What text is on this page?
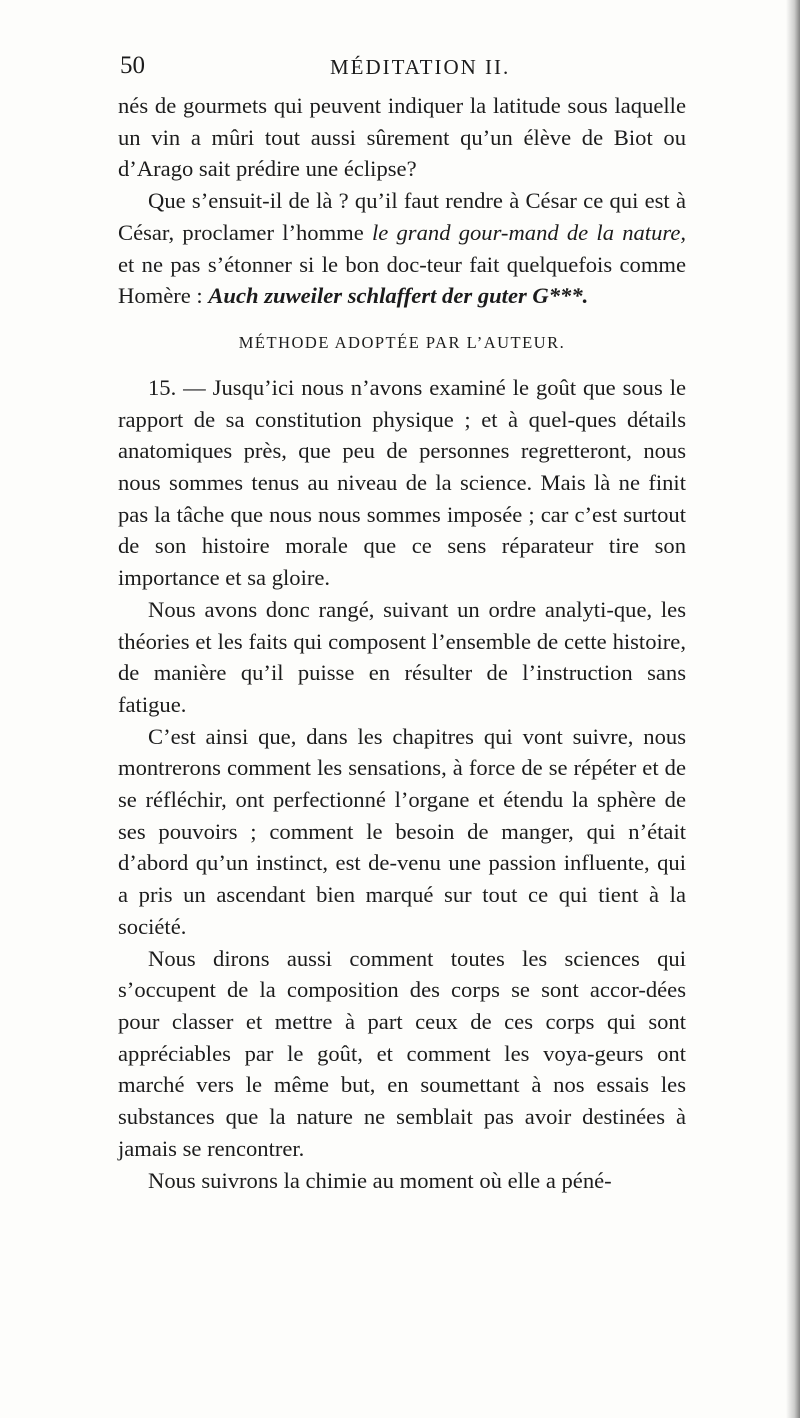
50	MÉDITATION II.

nés de gourmets qui peuvent indiquer la latitude sous laquelle un vin a mûri tout aussi sûrement qu’un élève de Biot ou d’Arago sait prédire une éclipse?

Que s’ensuit-il de là ? qu’il faut rendre à César ce qui est à César, proclamer l’homme le grand gour-mand de la nature, et ne pas s’étonner si le bon doc-teur fait quelquefois comme Homère : Auch zuweiler schlaffert der guter G***.

MÉTHODE ADOPTÉE PAR L’AUTEUR.

15. — Jusqu’ici nous n’avons examiné le goût que sous le rapport de sa constitution physique ; et à quel-ques détails anatomiques près, que peu de personnes regretteront, nous nous sommes tenus au niveau de la science. Mais là ne finit pas la tâche que nous nous sommes imposée ; car c’est surtout de son histoire morale que ce sens réparateur tire son importance et sa gloire.

Nous avons donc rangé, suivant un ordre analyti-que, les théories et les faits qui composent l’ensemble de cette histoire, de manière qu’il puisse en résulter de l’instruction sans fatigue.

C’est ainsi que, dans les chapitres qui vont suivre, nous montrerons comment les sensations, à force de se répéter et de se réfléchir, ont perfectionné l’organe et étendu la sphère de ses pouvoirs ; comment le besoin de manger, qui n’était d’abord qu’un instinct, est de-venu une passion influente, qui a pris un ascendant bien marqué sur tout ce qui tient à la société.

Nous dirons aussi comment toutes les sciences qui s’occupent de la composition des corps se sont accor-dées pour classer et mettre à part ceux de ces corps qui sont appréciables par le goût, et comment les voya-geurs ont marché vers le même but, en soumettant à nos essais les substances que la nature ne semblait pas avoir destinées à jamais se rencontrer.

Nous suivrons la chimie au moment où elle a péné-
